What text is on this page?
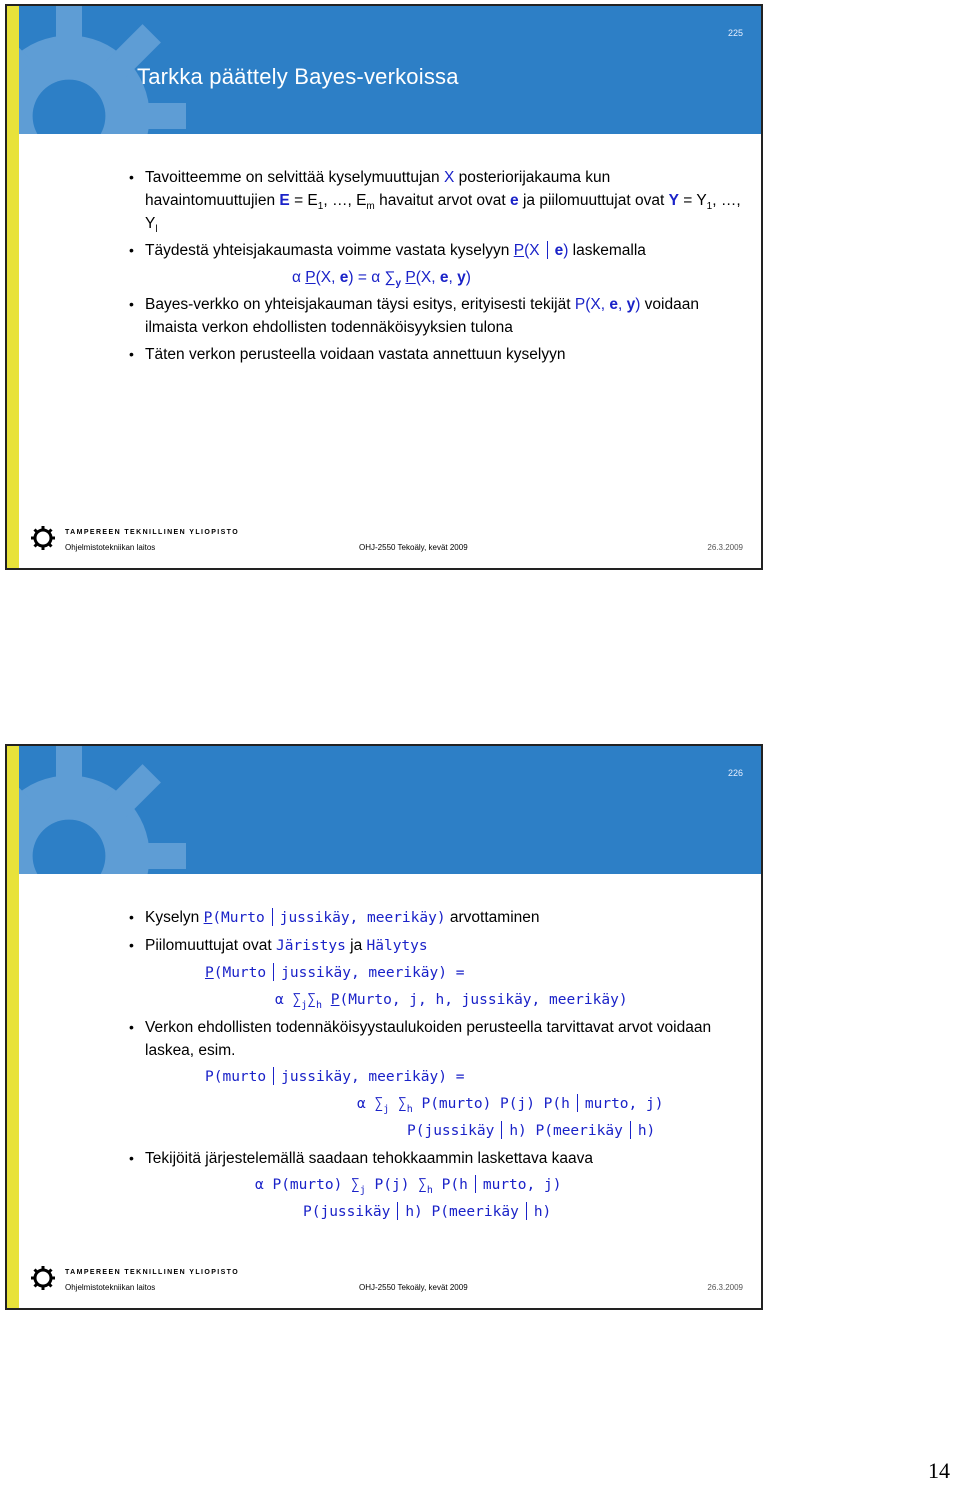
225
Tarkka päättely Bayes-verkoissa
• Tavoitteemme on selvittää kyselymuuttujan X posteriorijakauma kun havaintomuuttujien $E = E_1$, …, $E_m$ havaitut arvot ovat e ja piilomuuttujat ovat $Y = Y_1$, …, $Y_l$
• Täydestä yhteisjakaumasta voimme vastata kyselyyn P(X e) laskemalla
α P(X, e) = α $\sum_y$ P(X, e, y)
• Bayes-verkko on yhteisjakauman täysi esitys, erityisesti tekijät P(X, e, y) voidaan ilmaista verkon ehdollisten todennäköisyyksien tulona
• Täten verkon perusteella voidaan vastata annettuun kyselyyn
TAMPEREEN TEKNILLINEN YLIOPISTO
Ohjelmistotekniikan laitos	OHJ-2550 Tekoäly, kevät 2009	26.3.2009
226
• Kyselyn P(Murto jussikäy, meerikäy) arvottaminen
• Piilomuuttujat ovat Järistys ja Hälytys
P(Murto jussikäy, meerikäy) =
α $\sum_j\sum_h$ P(Murto, j, h, jussikäy, meerikäy)
• Verkon ehdollisten todennäköisyystaulukoiden perusteella tarvittavat arvot voidaan laskea, esim.
P(murto jussikäy, meerikäy) =
α $\sum_j$ $\sum_h$ P(murto) P(j) P(h murto, j)
P(jussikäy h) P(meerikäy h)
• Tekijöitä järjestelemällä saadaan tehokkaammin laskettava kaava
α P(murto) $\sum_j$ P(j) $\sum_h$ P(h murto, j)
P(jussikäy h) P(meerikäy h)
TAMPEREEN TEKNILLINEN YLIOPISTO
Ohjelmistotekniikan laitos	OHJ-2550 Tekoäly, kevät 2009	26.3.2009
14
